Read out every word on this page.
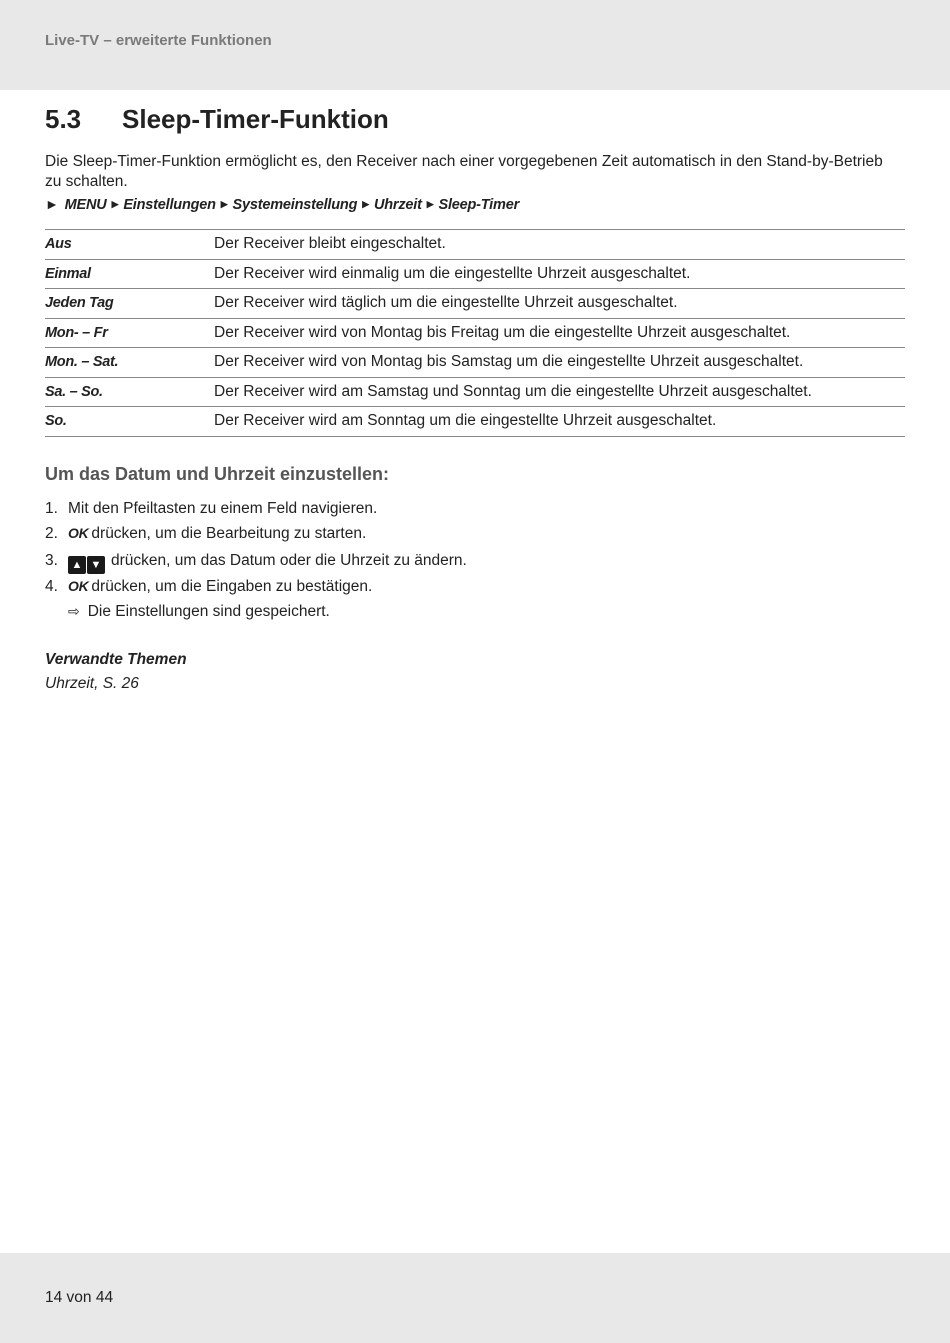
Live-TV – erweiterte Funktionen
5.3 Sleep-Timer-Funktion
Die Sleep-Timer-Funktion ermöglicht es, den Receiver nach einer vorgegebenen Zeit automatisch in den Stand-by-Betrieb zu schalten.
► MENU ▶ Einstellungen ▶ Systemeinstellung ▶ Uhrzeit ▶ Sleep-Timer
Aus	Der Receiver bleibt eingeschaltet.
Einmal	Der Receiver wird einmalig um die eingestellte Uhrzeit ausgeschaltet.
Jeden Tag	Der Receiver wird täglich um die eingestellte Uhrzeit ausgeschaltet.
Mon- – Fr	Der Receiver wird von Montag bis Freitag um die eingestellte Uhrzeit ausgeschaltet.
Mon. – Sat.	Der Receiver wird von Montag bis Samstag um die eingestellte Uhrzeit ausgeschaltet.
Sa. – So.	Der Receiver wird am Samstag und Sonntag um die eingestellte Uhrzeit ausgeschaltet.
So.	Der Receiver wird am Sonntag um die eingestellte Uhrzeit ausgeschaltet.
Um das Datum und Uhrzeit einzustellen:
1. Mit den Pfeiltasten zu einem Feld navigieren.
2. OK drücken, um die Bearbeitung zu starten.
3. ▲ ▼ drücken, um das Datum oder die Uhrzeit zu ändern.
4. OK drücken, um die Eingaben zu bestätigen.
⇨ Die Einstellungen sind gespeichert.
Verwandte Themen
Uhrzeit, S. 26
14 von 44
